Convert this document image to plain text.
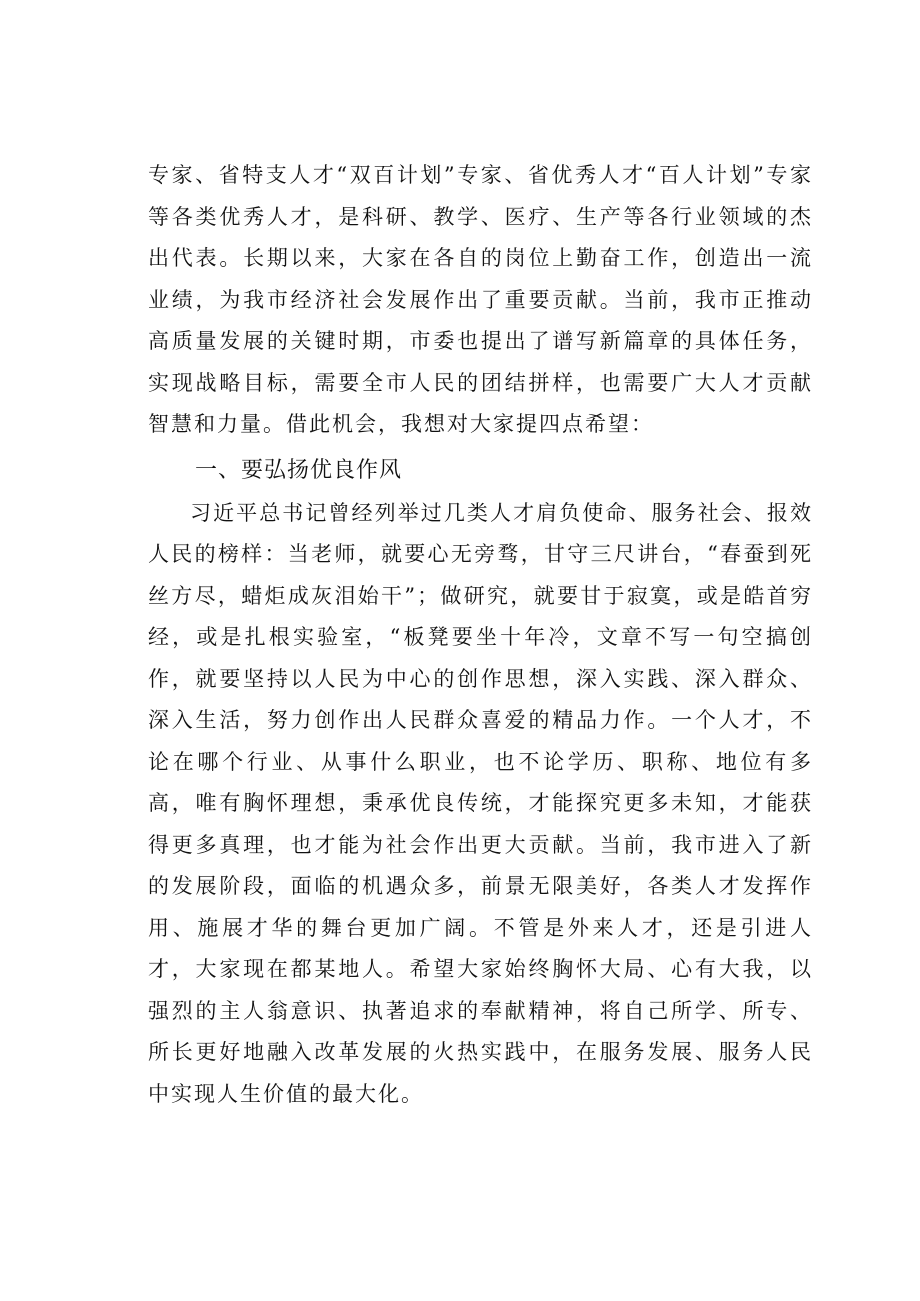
专家、省特支人才“双百计划”专家、省优秀人才“百人计划”专家等各类优秀人才，是科研、教学、医疗、生产等各行业领域的杰出代表。长期以来，大家在各自的岗位上勤奋工作，创造出一流业绩，为我市经济社会发展作出了重要贡献。当前，我市正推动高质量发展的关键时期，市委也提出了谱写新篇章的具体任务，实现战略目标，需要全市人民的团结拼样，也需要广大人才贡献智慧和力量。借此机会，我想对大家提四点希望：

一、要弘扬优良作风

习近平总书记曾经列举过几类人才肩负使命、服务社会、报效人民的榜样：当老师，就要心无旁骛，甘守三尺讲台，“春蚕到死丝方尽，蜡炬成灰泪始干”；做研究，就要甘于寂寞，或是皓首穷经，或是扎根实验室，“板凳要坐十年冷，文章不写一句空搞创作，就要坚持以人民为中心的创作思想，深入实践、深入群众、深入生活，努力创作出人民群众喜爱的精品力作。一个人才，不论在哪个行业、从事什么职业，也不论学历、职称、地位有多高，唯有胸怀理想，秉承优良传统，才能探究更多未知，才能获得更多真理，也才能为社会作出更大贡献。当前，我市进入了新的发展阶段，面临的机遇众多，前景无限美好，各类人才发挥作用、施展才华的舞台更加广阔。不管是外来人才，还是引进人才，大家现在都某地人。希望大家始终胸怀大局、心有大我，以强烈的主人翁意识、执著追求的奉献精神，将自己所学、所专、所长更好地融入改革发展的火热实践中，在服务发展、服务人民中实现人生价值的最大化。
